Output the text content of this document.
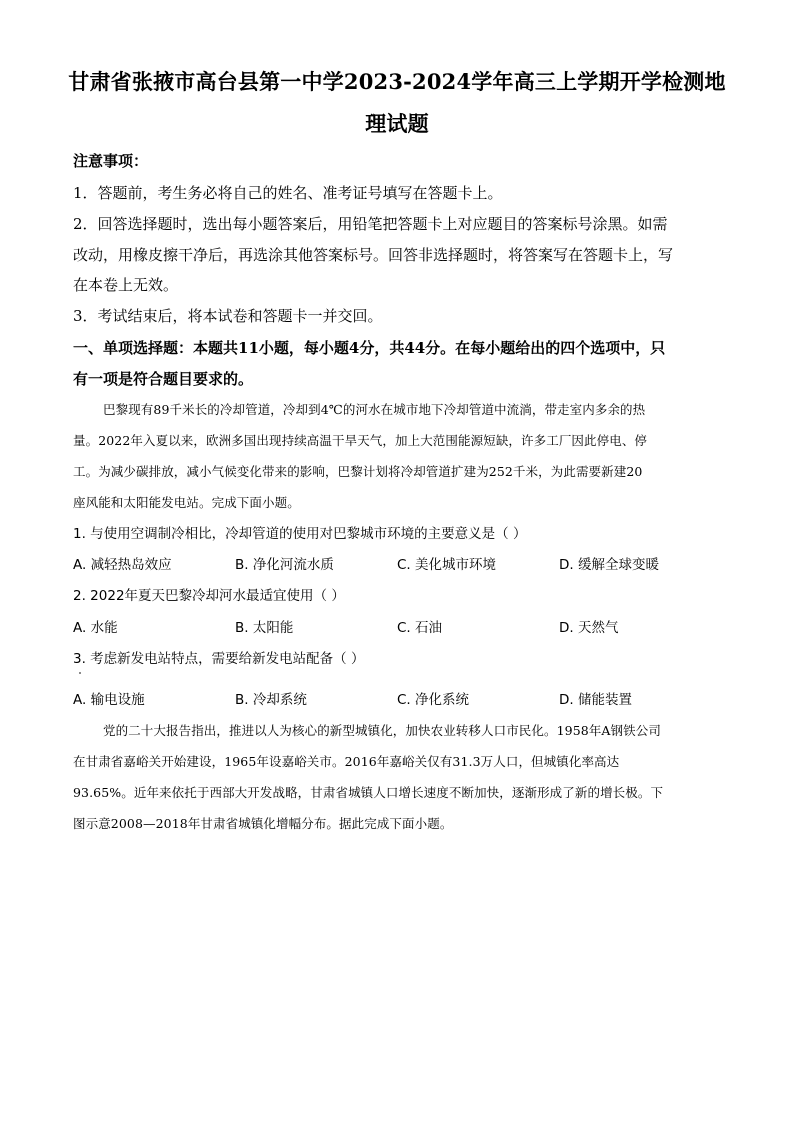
甘肃省张掖市高台县第一中学2023-2024学年高三上学期开学检测地
理试题
注意事项：
1．答题前，考生务必将自己的姓名、准考证号填写在答题卡上。
2．回答选择题时，选出每小题答案后，用铅笔把答题卡上对应题目的答案标号涂黑。如需
改动，用橡皮擦干净后，再选涂其他答案标号。回答非选择题时，将答案写在答题卡上，写
在本卷上无效。
3．考试结束后，将本试卷和答题卡一并交回。
一、单项选择题：本题共11小题，每小题4分，共44分。在每小题给出的四个选项中，只
有一项是符合题目要求的。
巴黎现有89千米长的冷却管道，冷却到4℃的河水在城市地下冷却管道中流淌，带走室内多余的热
量。2022年入夏以来，欧洲多国出现持续高温干旱天气，加上大范围能源短缺，许多工厂因此停电、停
工。为减少碳排放，减小气候变化带来的影响，巴黎计划将冷却管道扩建为252千米，为此需要新建20
座风能和太阳能发电站。完成下面小题。
1. 与使用空调制冷相比，冷却管道的使用对巴黎城市环境的主要意义是（ ）
A. 减轻热岛效应	B. 净化河流水质	C. 美化城市环境	D. 缓解全球变暖
2. 2022年夏天巴黎冷却河水最适宜使用（ ）
A. 水能	B. 太阳能	C. 石油	D. 天然气
3. 考虑新发电站特点，需要给新发电站配备（ ）
A. 输电设施	B. 冷却系统	C. 净化系统	D. 储能装置
党的二十大报告指出，推进以人为核心的新型城镇化，加快农业转移人口市民化。1958年A钢铁公司
在甘肃省嘉峪关开始建设，1965年设嘉峪关市。2016年嘉峪关仅有31.3万人口，但城镇化率高达
93.65%。近年来依托于西部大开发战略，甘肃省城镇人口增长速度不断加快，逐渐形成了新的增长极。下
图示意2008—2018年甘肃省城镇化增幅分布。据此完成下面小题。
